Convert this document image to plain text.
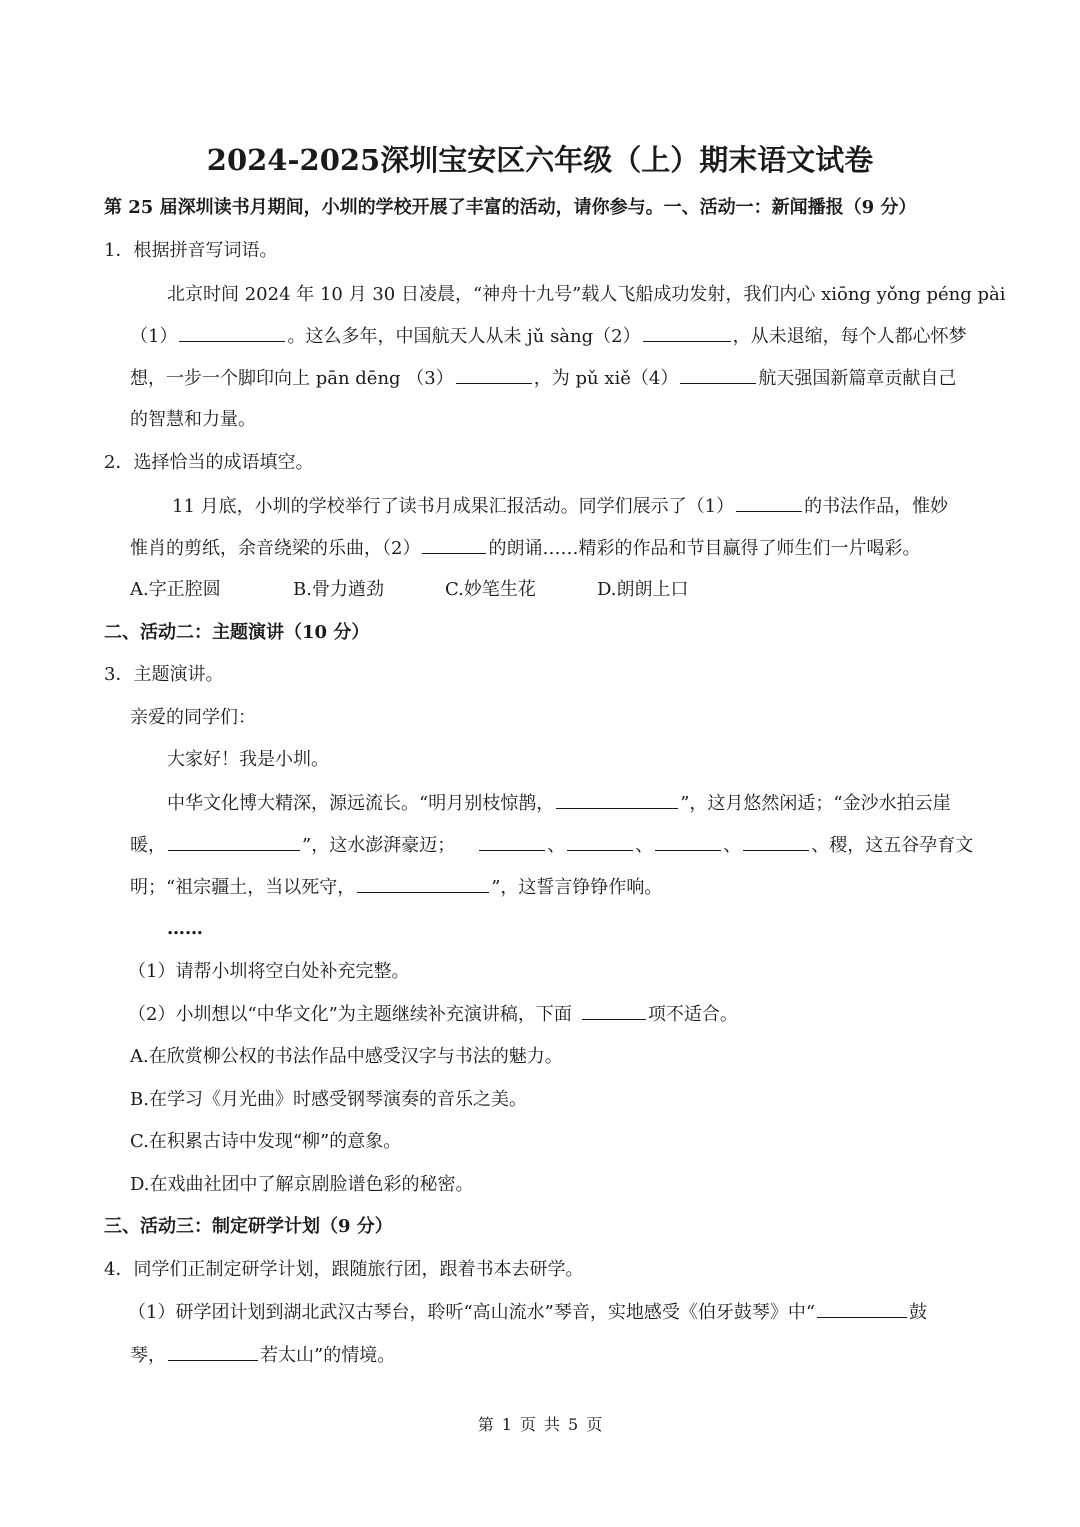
2024-2025深圳宝安区六年级（上）期末语文试卷
第 25 届深圳读书月期间，小圳的学校开展了丰富的活动，请你参与。一、活动一：新闻播报（9 分）
1．根据拼音写词语。
北京时间 2024 年 10 月 30 日凌晨，“神舟十九号”载人飞船成功发射，我们内心 xiōng yǒng péng pài
（1）	。这么多年，中国航天人从未 jǔ sàng（2）	，从未退缩，每个人都心怀梦
想，一步一个脚印向上 pān dēng （3）	，为 pǔ xiě（4）	航天强国新篇章贡献自己
的智慧和力量。
2．选择恰当的成语填空。
11 月底，小圳的学校举行了读书月成果汇报活动。同学们展示了（1）	的书法作品，惟妙
惟肖的剪纸，余音绕梁的乐曲，（2）	的朗诵……精彩的作品和节目赢得了师生们一片喝彩。
A.字正腔圆	B.骨力遒劲	C.妙笔生花	D.朗朗上口
二、活动二：主题演讲（10 分）
3．主题演讲。
亲爱的同学们：
大家好！我是小圳。
中华文化博大精深，源远流长。“明月别枝惊鹊，	”，这月悠然闲适；“金沙水拍云崖
暖，	”，这水澎湃豪迈；	、	、	、	、稷，这五谷孕育文
明；“祖宗疆土，当以死守，	”，这誓言铮铮作响。
……
（1）请帮小圳将空白处补充完整。
（2）小圳想以“中华文化”为主题继续补充演讲稿，下面	项不适合。
A.在欣赏柳公权的书法作品中感受汉字与书法的魅力。
B.在学习《月光曲》时感受钢琴演奏的音乐之美。
C.在积累古诗中发现“柳”的意象。
D.在戏曲社团中了解京剧脸谱色彩的秘密。
三、活动三：制定研学计划（9 分）
4．同学们正制定研学计划，跟随旅行团，跟着书本去研学。
（1）研学团计划到湖北武汉古琴台，聆听“高山流水”琴音，实地感受《伯牙鼓琴》中“	鼓
琴，	若太山”的情境。
第 1 页 共 5 页
